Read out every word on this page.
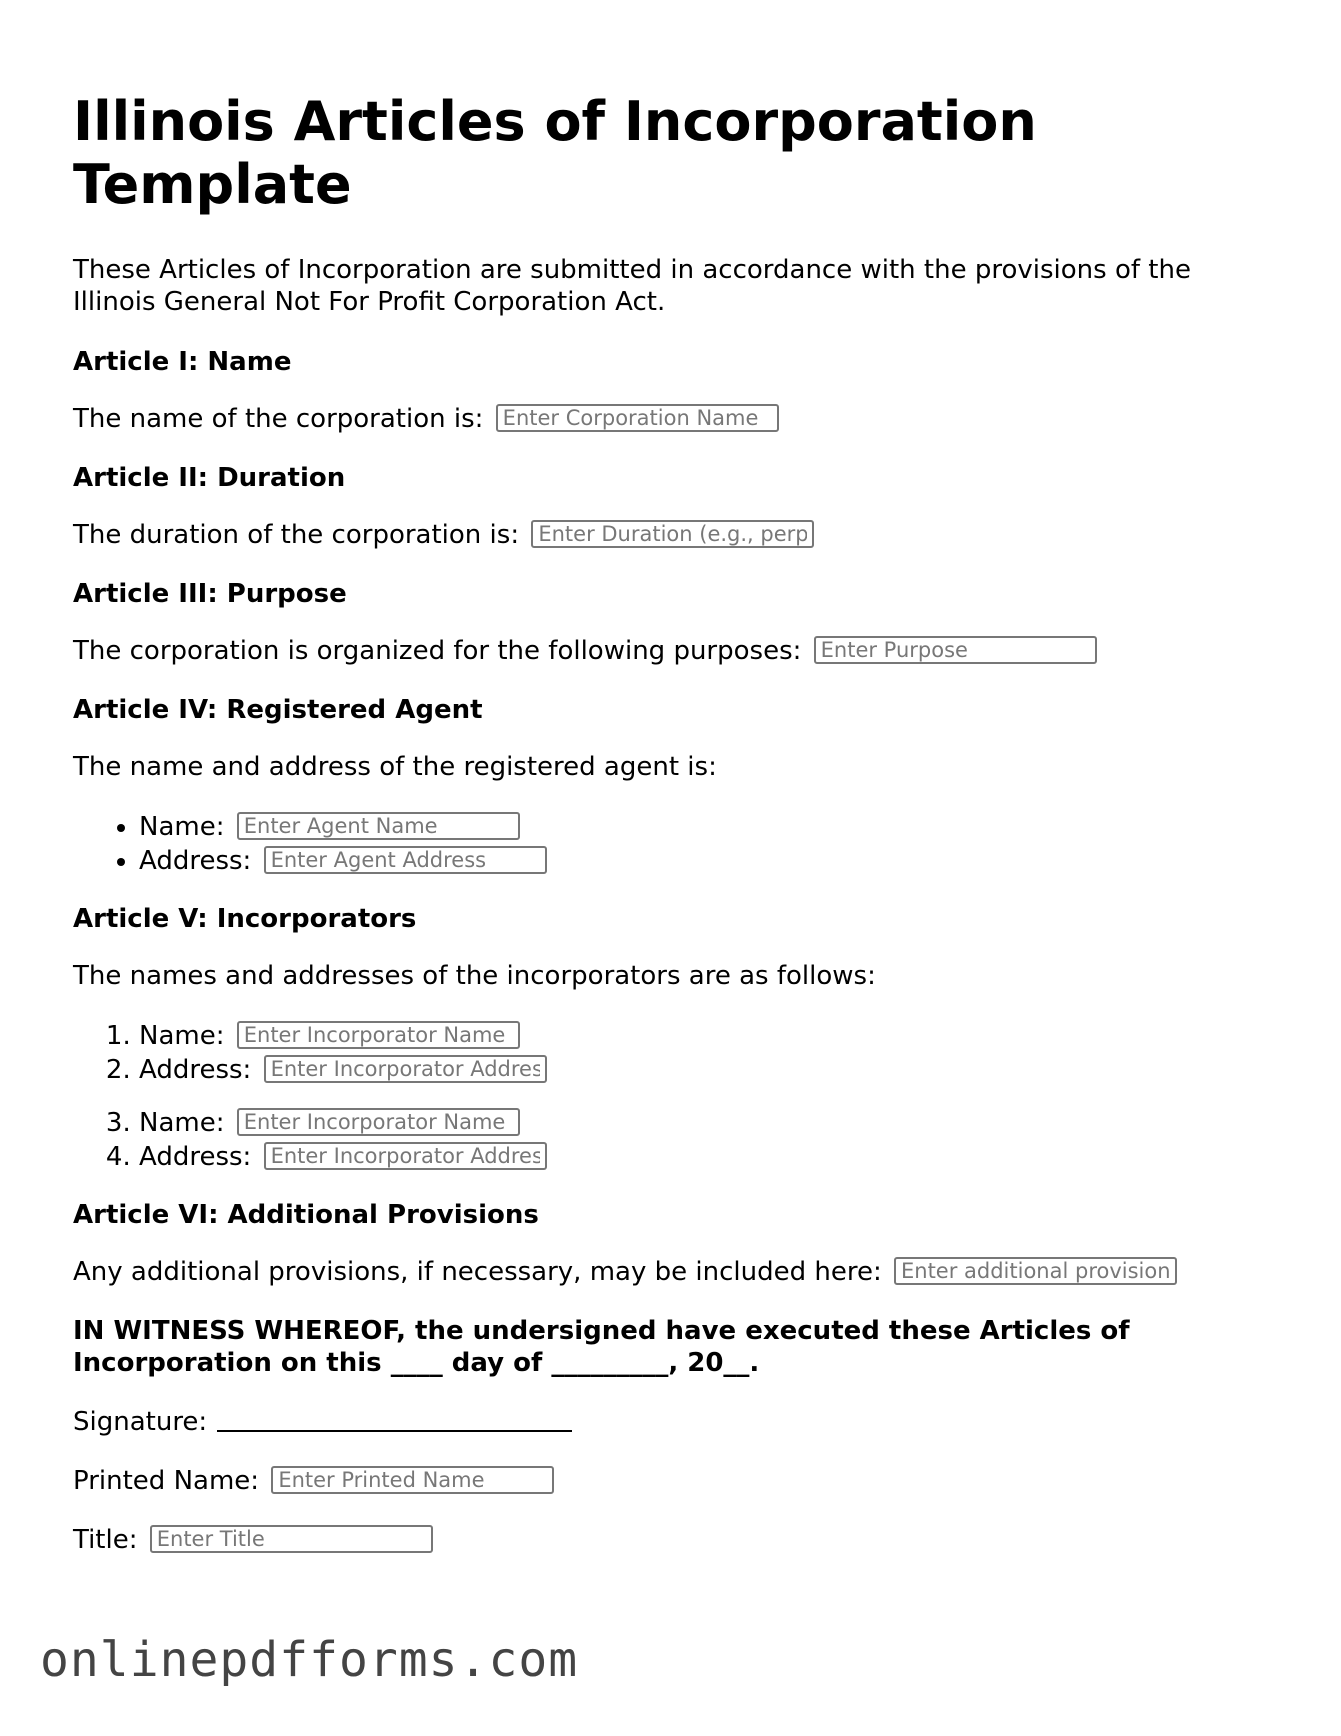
Illinois Articles of Incorporation Template

These Articles of Incorporation are submitted in accordance with the provisions of the Illinois General Not For Profit Corporation Act.

Article I: Name
The name of the corporation is: Enter Corporation Name
Article II: Duration
The duration of the corporation is: Enter Duration (e.g., perpe
Article III: Purpose
The corporation is organized for the following purposes: Enter Purpose
Article IV: Registered Agent
The name and address of the registered agent is:
• Name: Enter Agent Name
• Address: Enter Agent Address
Article V: Incorporators
The names and addresses of the incorporators are as follows:
1. Name: Enter Incorporator Name
2. Address: Enter Incorporator Address
3. Name: Enter Incorporator Name
4. Address: Enter Incorporator Address
Article VI: Additional Provisions
Any additional provisions, if necessary, may be included here: Enter additional provisions

IN WITNESS WHEREOF, the undersigned have executed these Articles of Incorporation on this ____ day of _________, 20__.

Signature:
Printed Name: Enter Printed Name
Title: Enter Title
onlinepdfforms.com
